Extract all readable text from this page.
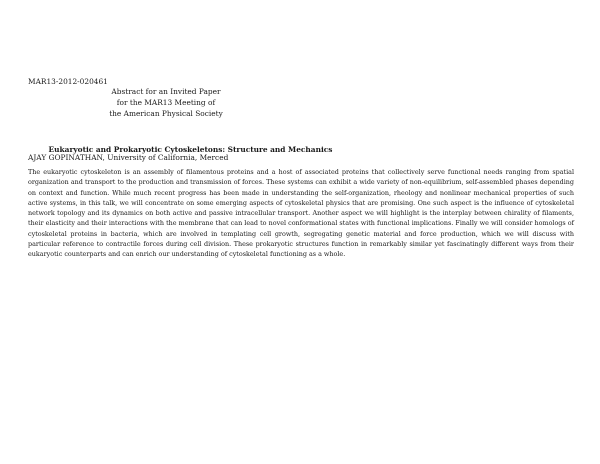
MAR13-2012-020461
Abstract for an Invited Paper
for the MAR13 Meeting of
the American Physical Society
Eukaryotic and Prokaryotic Cytoskeletons: Structure and Mechanics
AJAY GOPINATHAN, University of California, Merced
The eukaryotic cytoskeleton is an assembly of filamentous proteins and a host of associated proteins that collectively serve functional needs ranging from spatial organization and transport to the production and transmission of forces. These systems can exhibit a wide variety of non-equilibrium, self-assembled phases depending on context and function. While much recent progress has been made in understanding the self-organization, rheology and nonlinear mechanical properties of such active systems, in this talk, we will concentrate on some emerging aspects of cytoskeletal physics that are promising. One such aspect is the influence of cytoskeletal network topology and its dynamics on both active and passive intracellular transport. Another aspect we will highlight is the interplay between chirality of filaments, their elasticity and their interactions with the membrane that can lead to novel conformational states with functional implications. Finally we will consider homologs of cytoskeletal proteins in bacteria, which are involved in templating cell growth, segregating genetic material and force production, which we will discuss with particular reference to contractile forces during cell division. These prokaryotic structures function in remarkably similar yet fascinatingly different ways from their eukaryotic counterparts and can enrich our understanding of cytoskeletal functioning as a whole.
